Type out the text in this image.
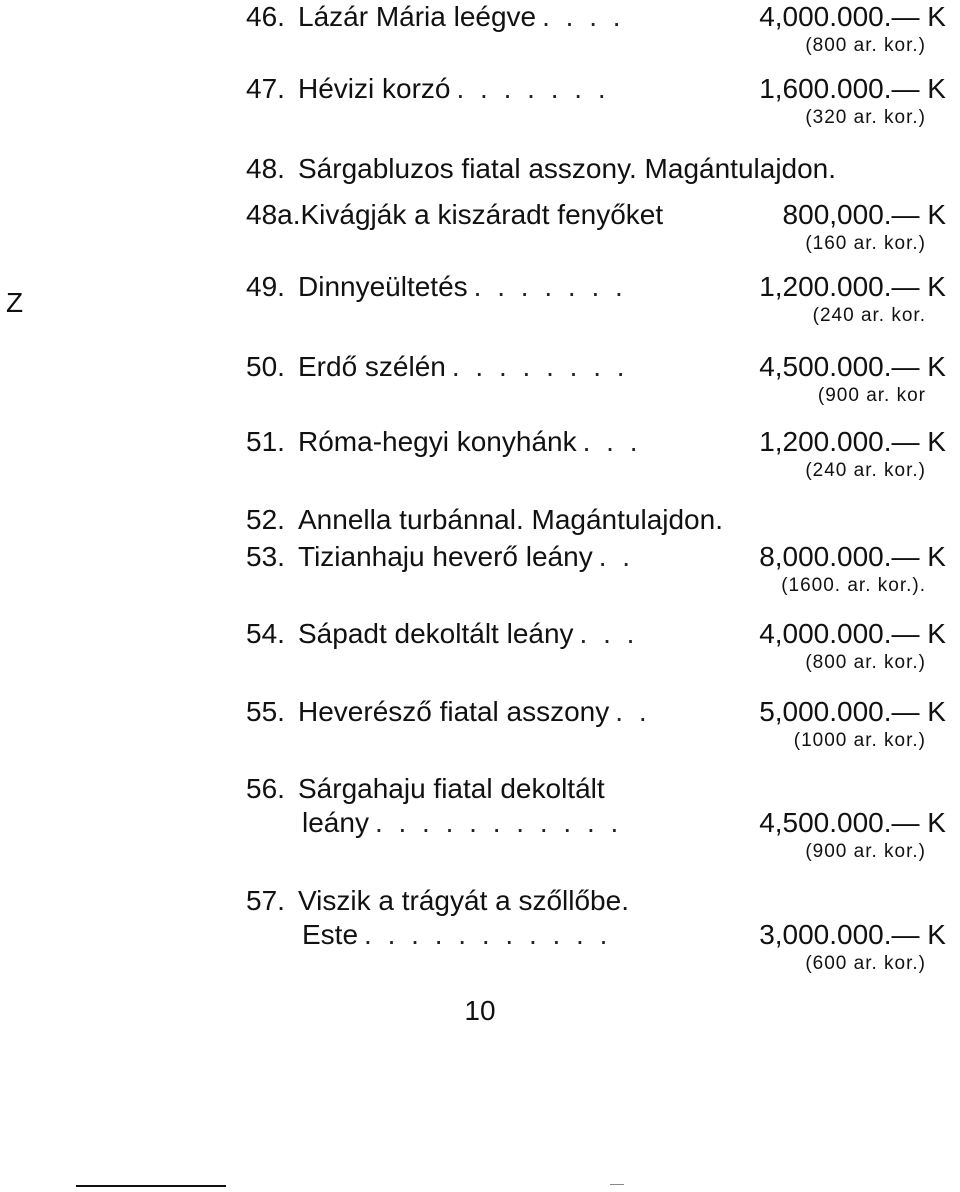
Z
46. Lázár Mária leégve . . . .	4,000.000.— K
(800 ar. kor.)
47. Hévizi korzó . . . . . . .	1,600.000.— K
(320 ar. kor.)
48. Sárgabluzos fiatal asszony. Magántulajdon.
48a. Kivágják a kiszáradt fenyőket	800,000.— K
(160 ar. kor.)
49. Dinnyeültetés . . . . . . .	1,200.000.— K
(240 ar. kor.
50. Erdő szélén . . . . . . . .	4,500.000.— K
(900 ar. kor
51. Róma-hegyi konyhánk . . .	1,200.000.— K
(240 ar. kor.)
52. Annella turbánnal. Magántulajdon.
53. Tizianhaju heverő leány . .	8,000.000.— K
(1600. ar. kor.).
54. Sápadt dekoltált leány . . .	4,000.000.— K
(800 ar. kor.)
55. Heverésző fiatal asszony . .	5,000.000.— K
(1000 ar. kor.)
56. Sárgahaju fiatal dekoltált
leány . . . . . . . . . . .	4,500.000.— K
(900 ar. kor.)
57. Viszik a trágyát a szőllőbe.
Este . . . . . . . . . . .	3,000.000.— K
(600 ar. kor.)
10
